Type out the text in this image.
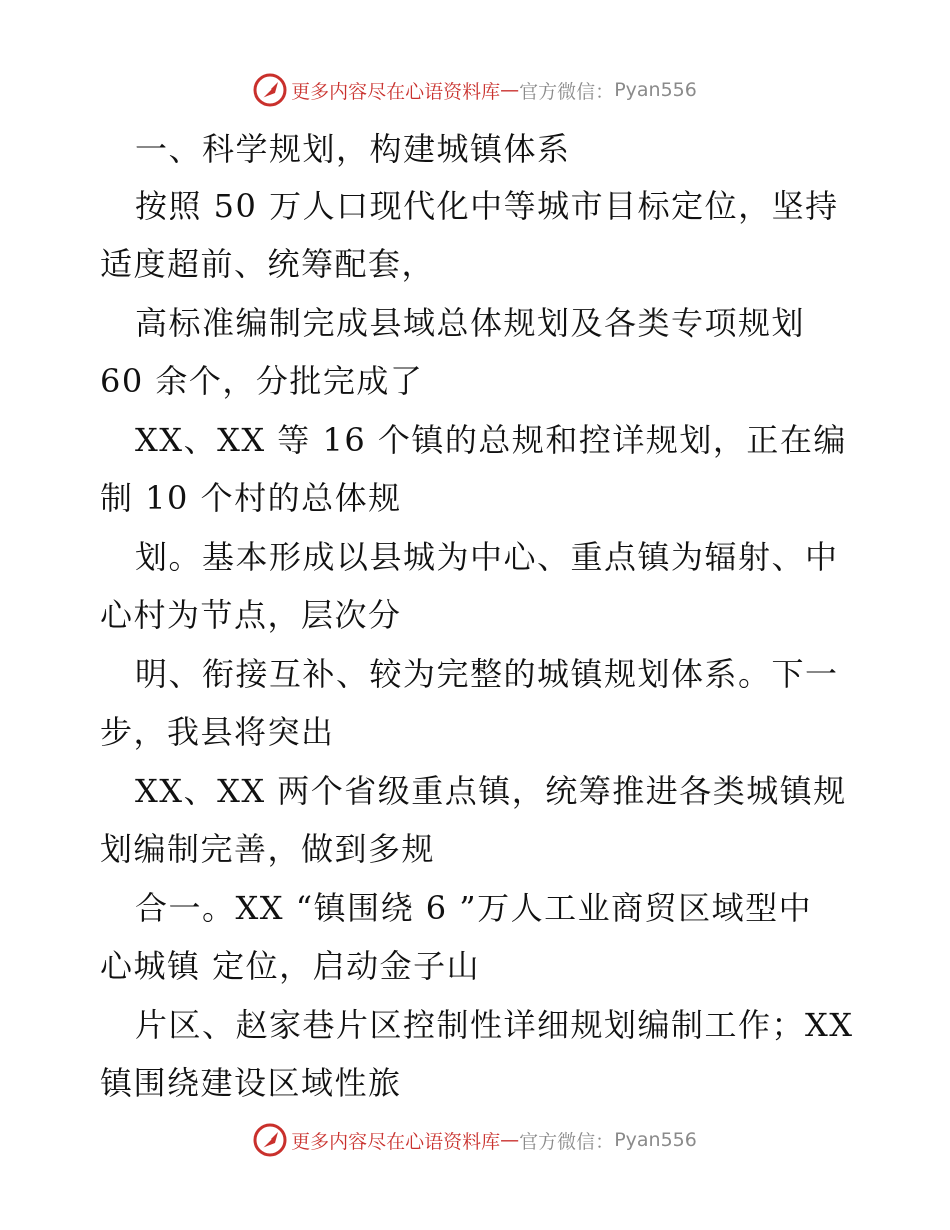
更多内容尽在心语资料库 — 官方微信： Pyan556
一、科学规划，构建城镇体系
按照 50 万人口现代化中等城市目标定位，坚持
适度超前、统筹配套，
高标准编制完成县域总体规划及各类专项规划
60 余个，分批完成了
XX、XX 等 16 个镇的总规和控详规划，正在编
制 10 个村的总体规
划。基本形成以县城为中心、重点镇为辐射、中
心村为节点，层次分
明、衔接互补、较为完整的城镇规划体系。下一
步，我县将突出
XX、XX 两个省级重点镇，统筹推进各类城镇规
划编制完善，做到多规
合一。XX “镇围绕 6 ”万人工业商贸区域型中
心城镇 定位，启动金子山
片区、赵家巷片区控制性详细规划编制工作；XX
镇围绕建设区域性旅
更多内容尽在心语资料库 — 官方微信： Pyan556
